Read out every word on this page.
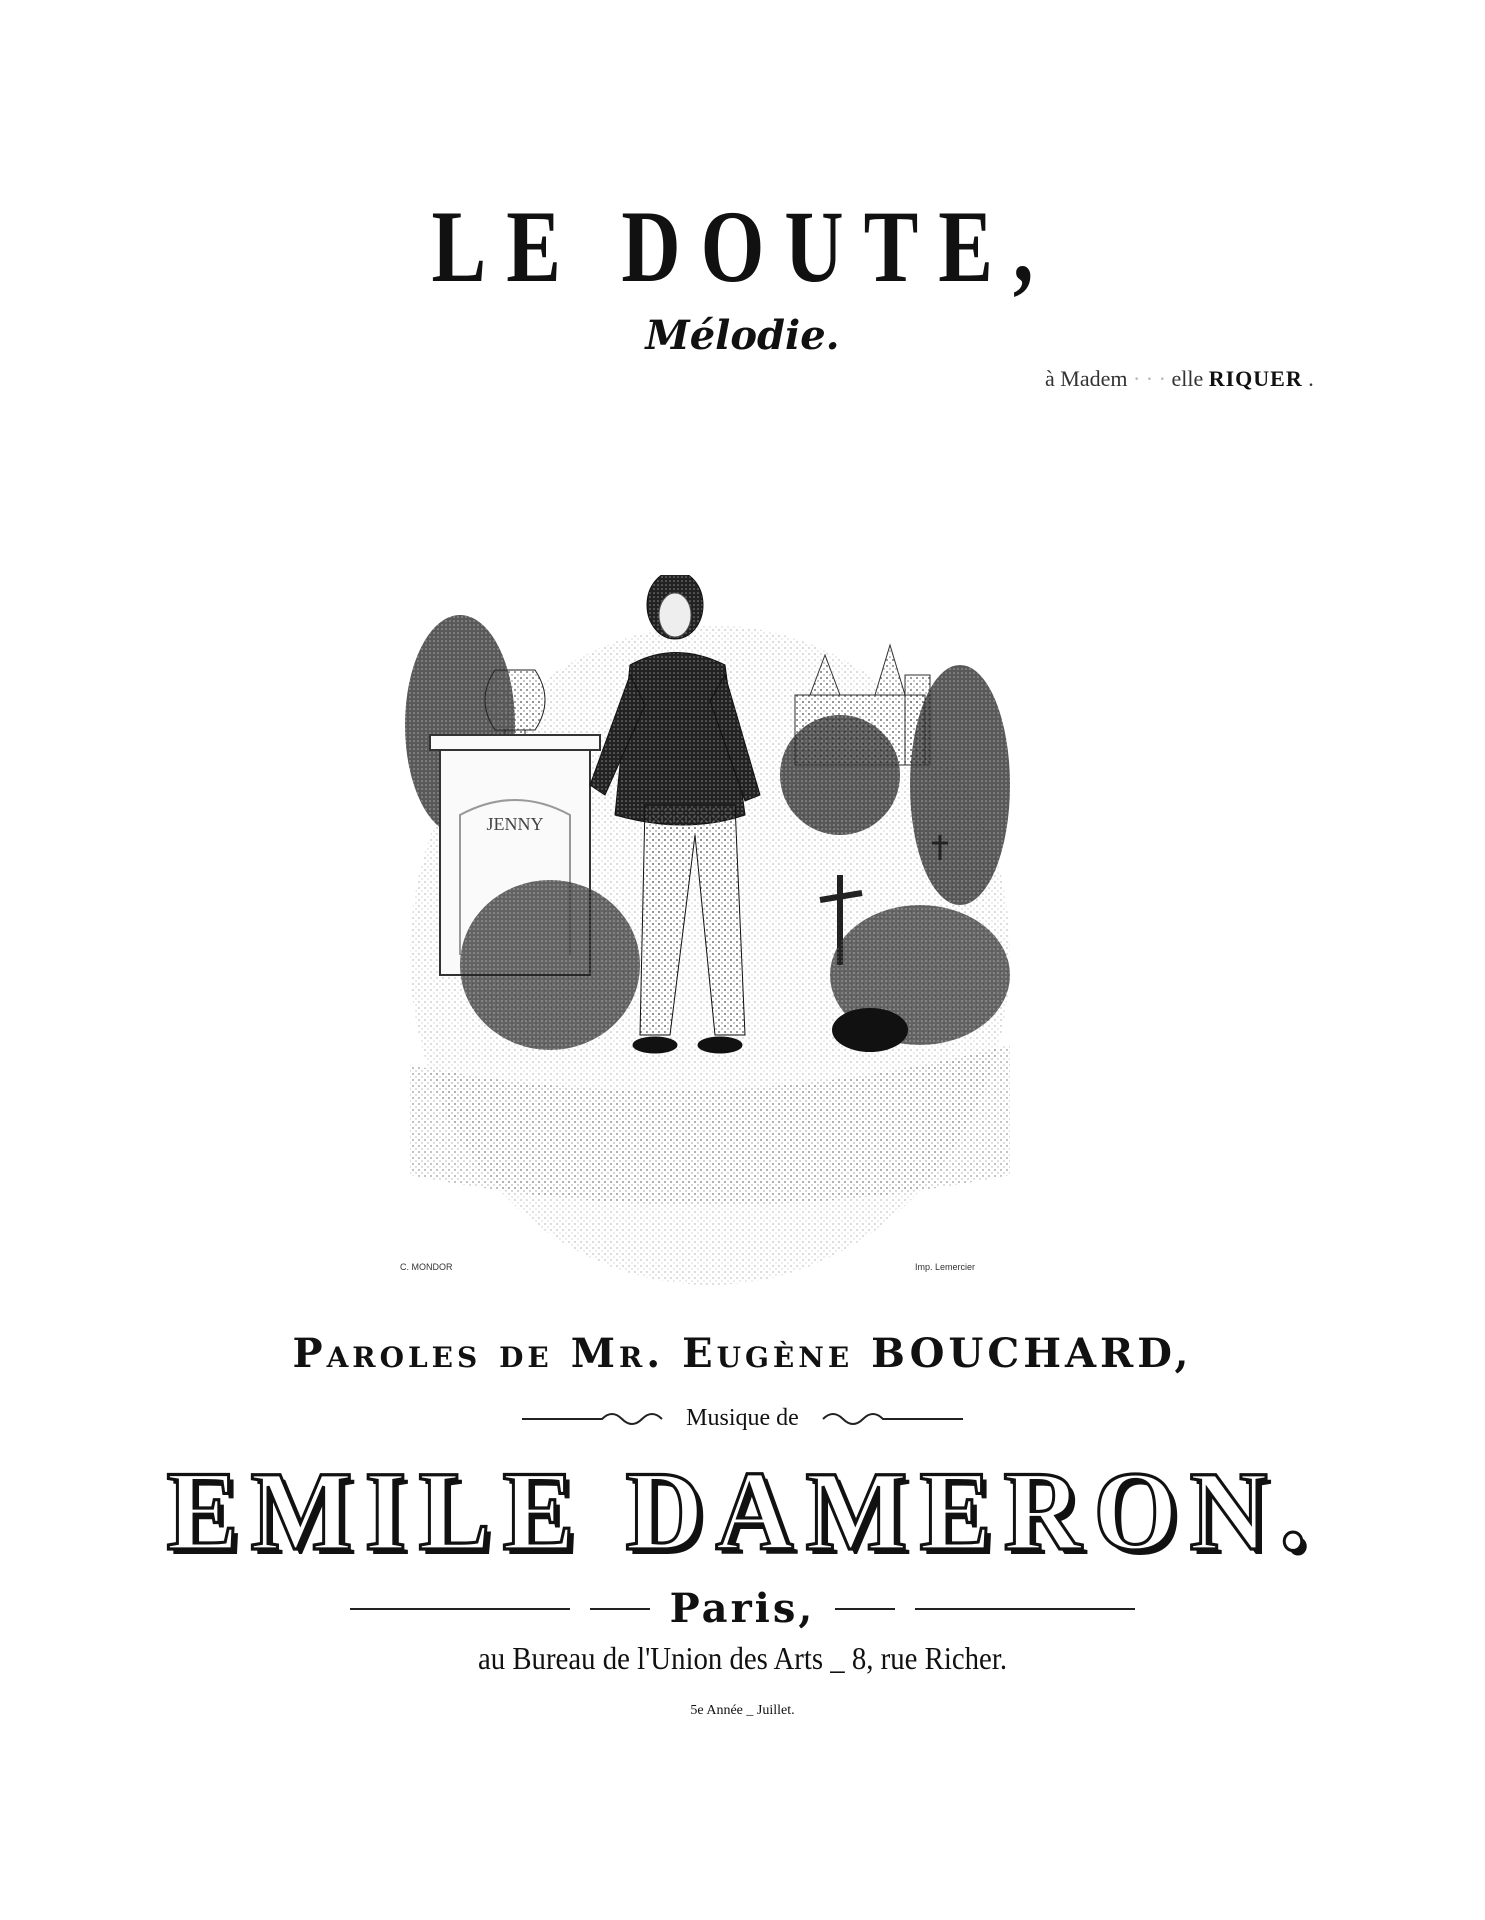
LE DOUTE,
Mélodie.
à Madem · · · elle RIQUER .
JENNY
C. MONDOR	Imp. Lemercier
Paroles de Mr. Eugène BOUCHARD,
Musique de
EMILE DAMERON.
Paris,
au Bureau de l'Union des Arts _ 8, rue Richer.
5e Année _ Juillet.
